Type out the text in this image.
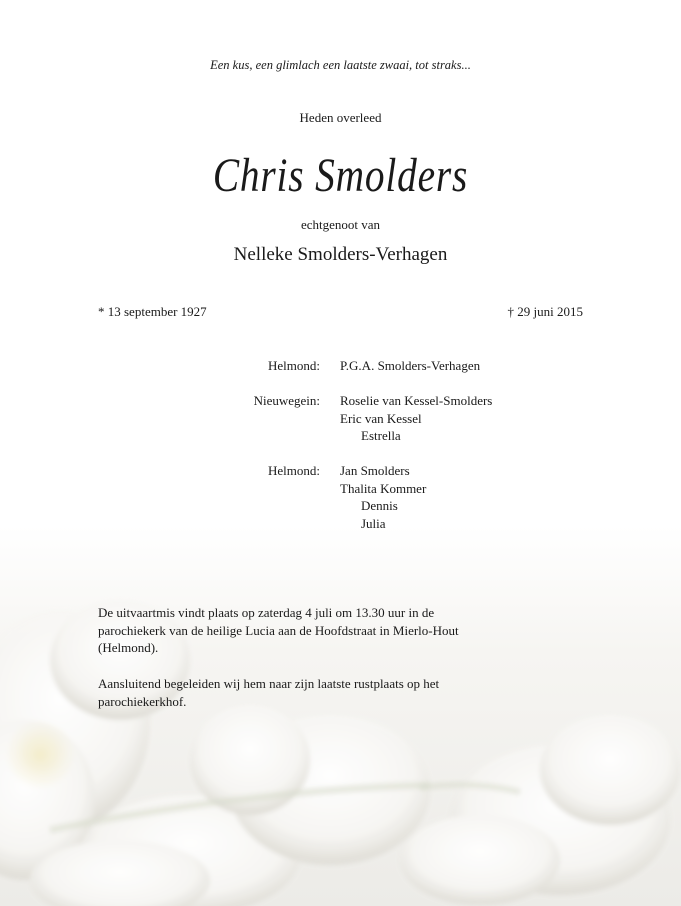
Een kus, een glimlach een laatste zwaai, tot straks...
Heden overleed
Chris Smolders
echtgenoot van
Nelleke Smolders-Verhagen
* 13 september 1927	† 29 juni 2015
Helmond: P.G.A. Smolders-Verhagen
Nieuwegein: Roselie van Kessel-Smolders
Eric van Kessel
Estrella
Helmond: Jan Smolders
Thalita Kommer
Dennis
Julia
De uitvaartmis vindt plaats op zaterdag 4 juli om 13.30 uur in de
parochiekerk van de heilige Lucia aan de Hoofdstraat in Mierlo-Hout
(Helmond).
Aansluitend begeleiden wij hem naar zijn laatste rustplaats op het
parochiekerkhof.
